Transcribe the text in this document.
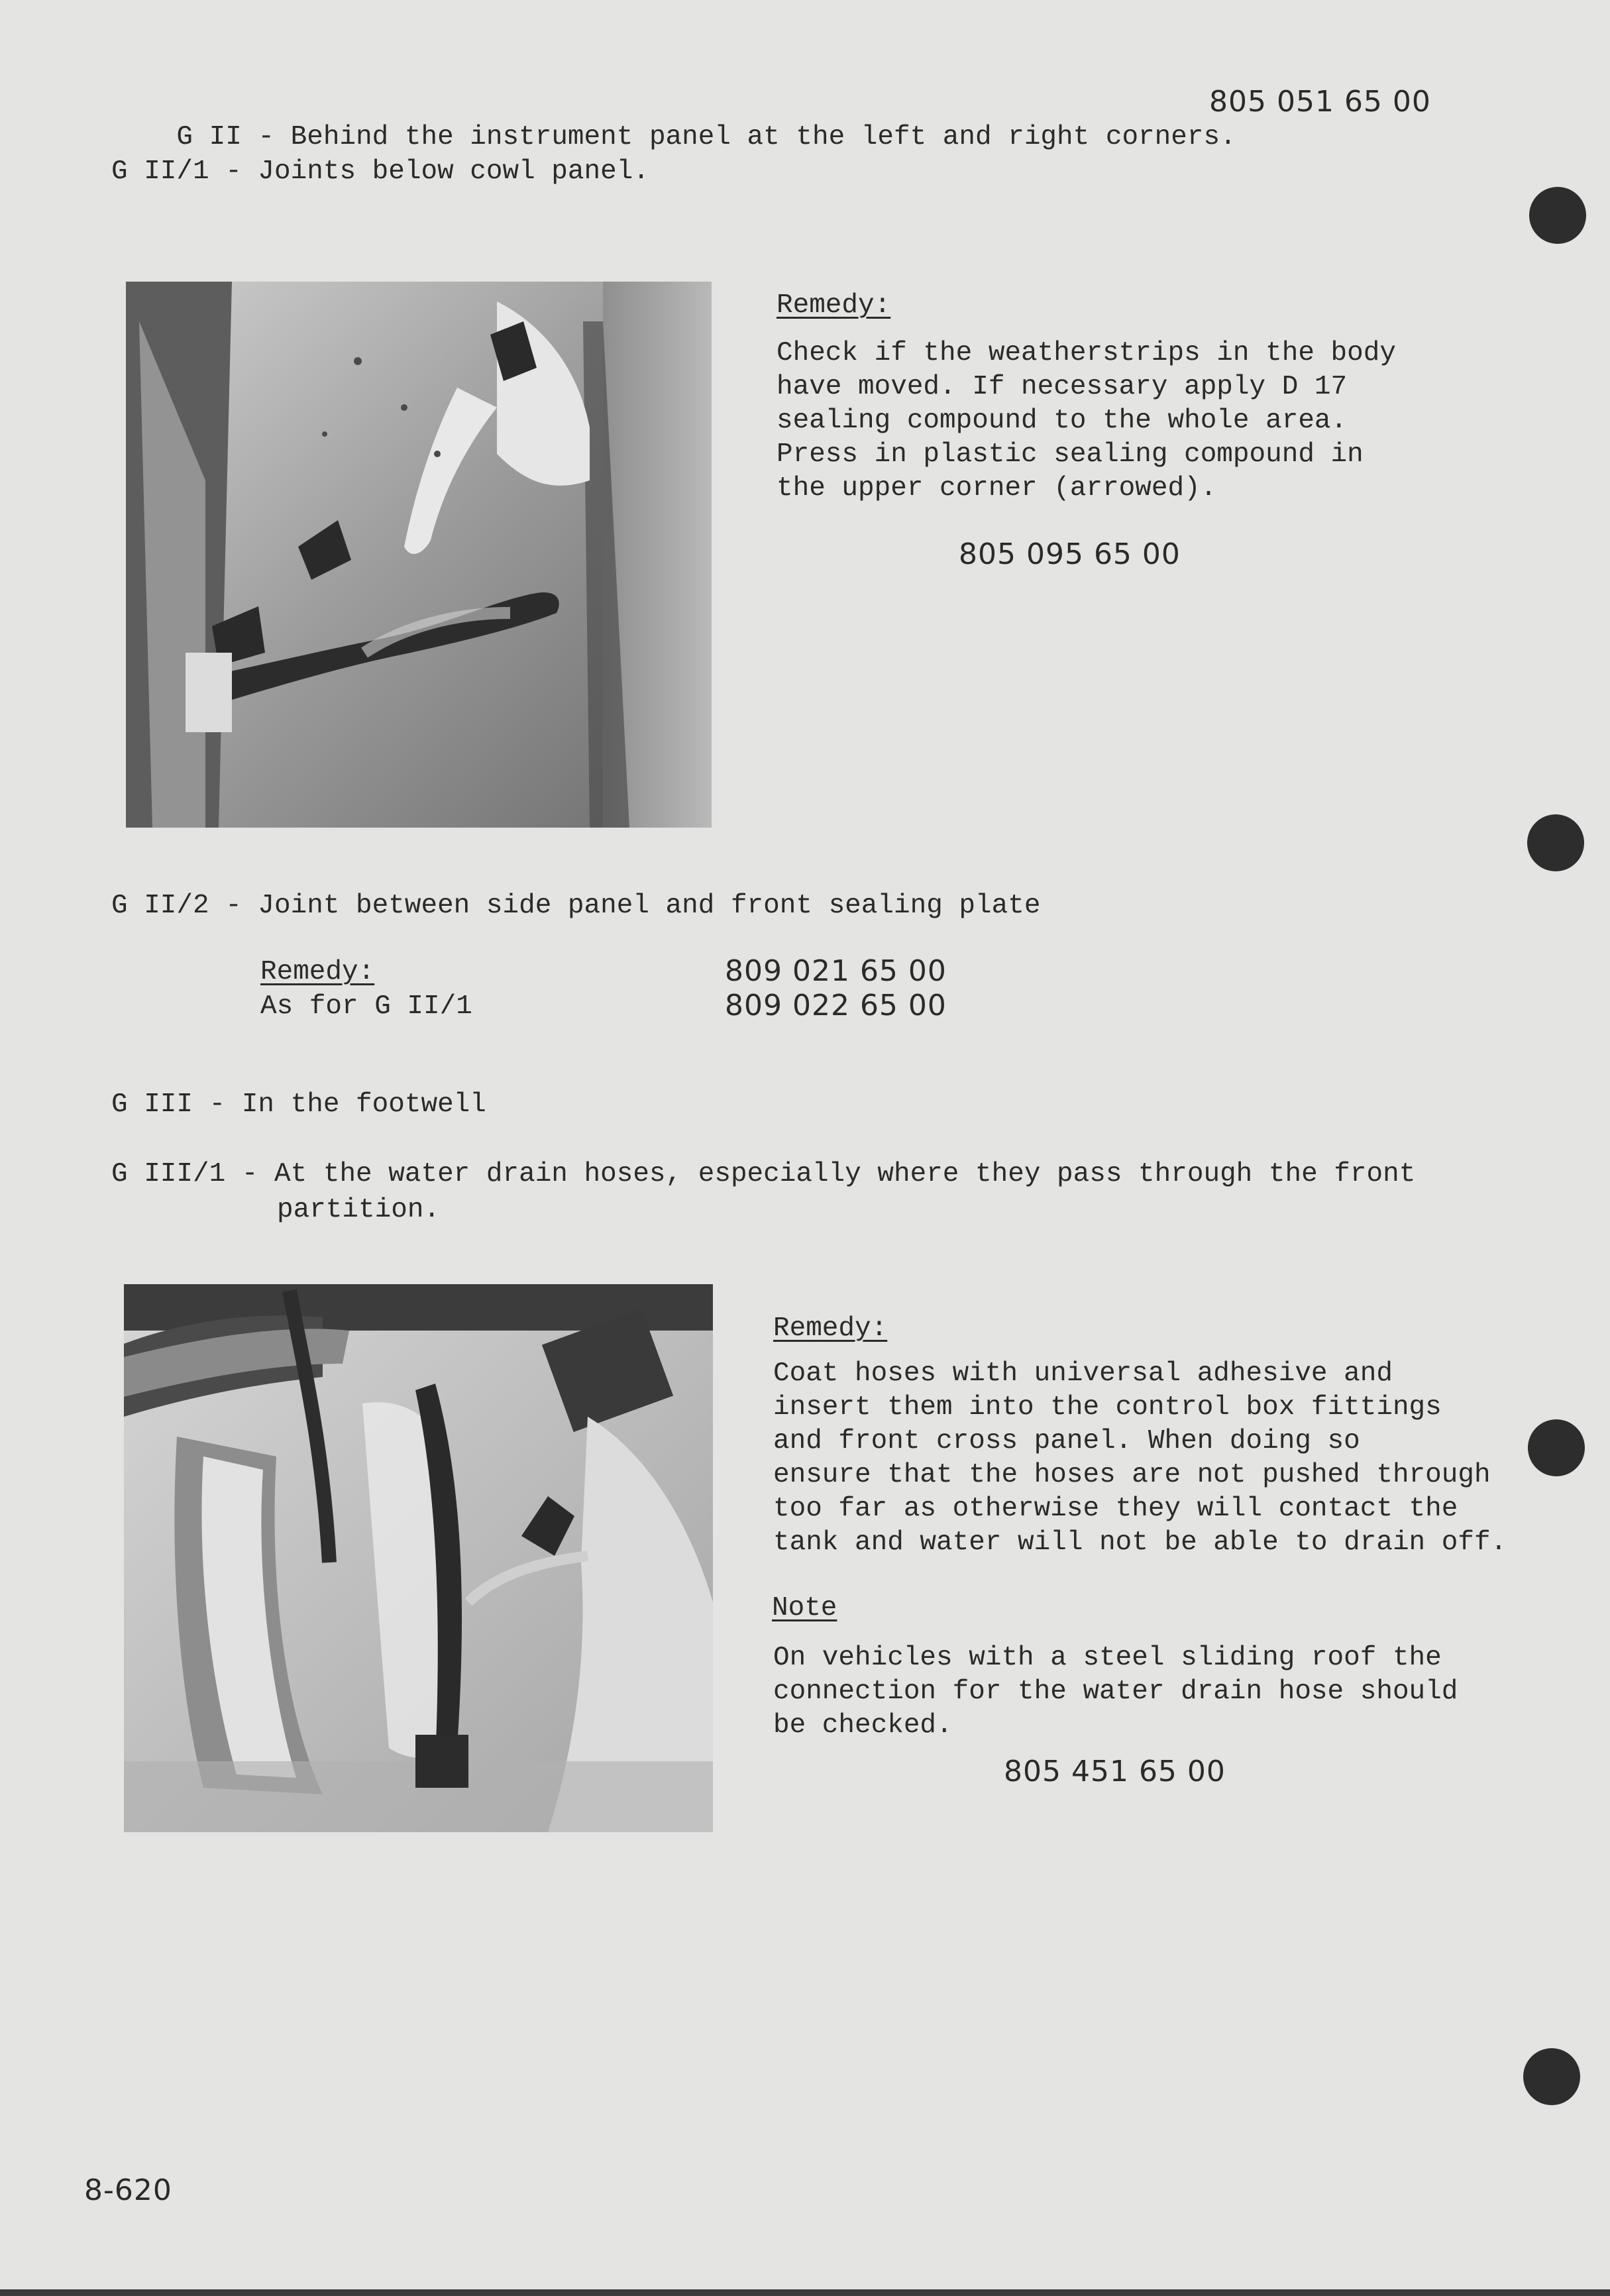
G II - Behind the instrument panel at the left and right corners.

805 051 65 00
G II/1 - Joints below cowl panel.
Remedy:
Check if the weatherstrips in the body
have moved. If necessary apply D 17
sealing compound to the whole area.
Press in plastic sealing compound in
the upper corner (arrowed).
805 095 65 00
G II/2 - Joint between side panel and front sealing plate
Remedy:
As for G II/1
809 021 65 00
809 022 65 00
G III - In the footwell
G III/1 - At the water drain hoses, especially where they pass through the front
partition.
Remedy:
Coat hoses with universal adhesive and
insert them into the control box fittings
and front cross panel. When doing so
ensure that the hoses are not pushed through
too far as otherwise they will contact the
tank and water will not be able to drain off.
Note
On vehicles with a steel sliding roof the
connection for the water drain hose should
be checked.
805 451 65 00
8-620
